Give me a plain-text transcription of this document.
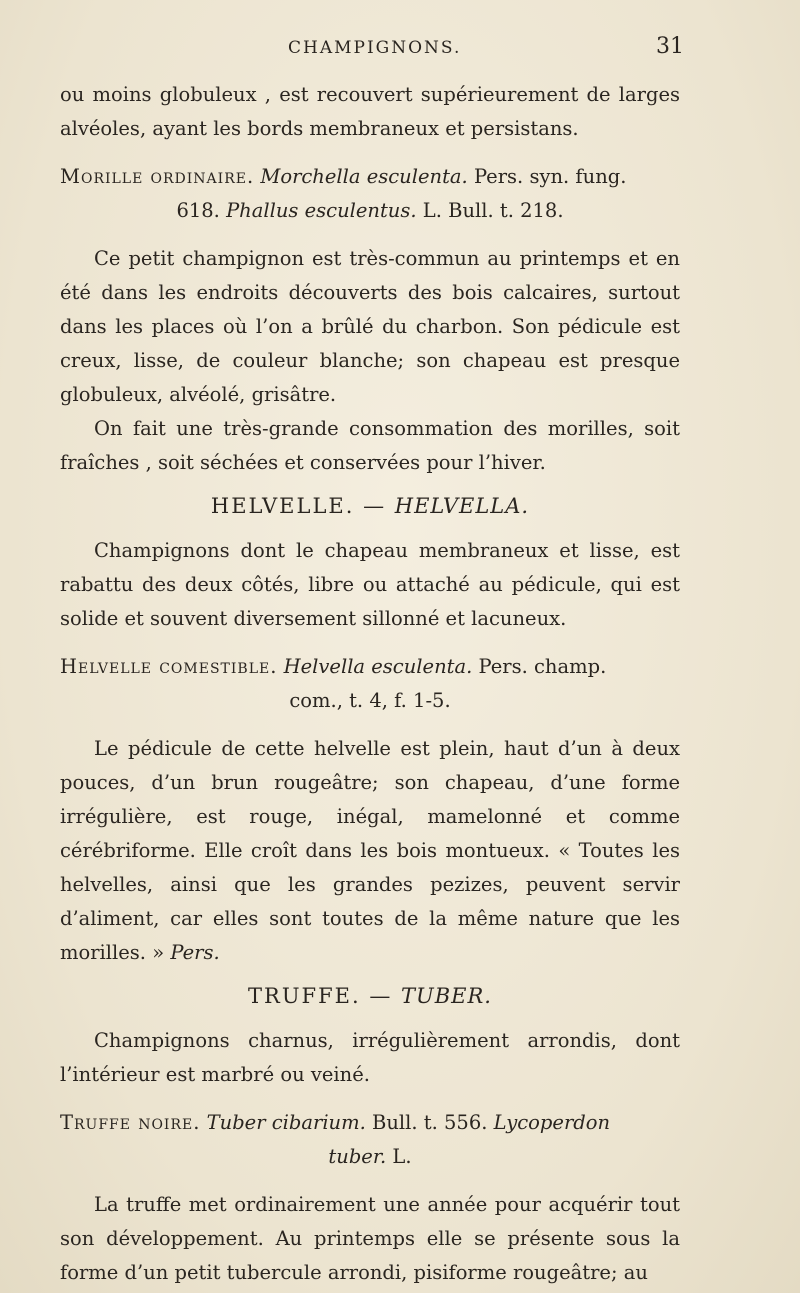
CHAMPIGNONS.	31

ou moins globuleux , est recouvert supérieurement de larges alvéoles, ayant les bords membraneux et persistans.

Morille ordinaire. Morchella esculenta. Pers. syn. fung.

618. Phallus esculentus. L. Bull. t. 218.

Ce petit champignon est très-commun au printemps et en été dans les endroits découverts des bois calcaires, surtout dans les places où l’on a brûlé du charbon. Son pédicule est creux, lisse, de couleur blanche; son chapeau est presque globuleux, alvéolé, grisâtre.

On fait une très-grande consommation des morilles, soit fraîches , soit séchées et conservées pour l’hiver.

HELVELLE. — HELVELLA.

Champignons dont le chapeau membraneux et lisse, est rabattu des deux côtés, libre ou attaché au pédicule, qui est solide et souvent diversement sillonné et lacuneux.

Helvelle comestible. Helvella esculenta. Pers. champ.

com., t. 4, f. 1-5.

Le pédicule de cette helvelle est plein, haut d’un à deux pouces, d’un brun rougeâtre; son chapeau, d’une forme irrégulière, est rouge, inégal, mamelonné et comme cérébriforme. Elle croît dans les bois montueux. « Toutes les helvelles, ainsi que les grandes pezizes, peuvent servir d’aliment, car elles sont toutes de la même nature que les morilles. » Pers.

TRUFFE. — TUBER.

Champignons charnus, irrégulièrement arrondis, dont l’intérieur est marbré ou veiné.

Truffe noire. Tuber cibarium. Bull. t. 556. Lycoperdon

tuber. L.

La truffe met ordinairement une année pour acquérir tout son développement. Au printemps elle se présente sous la forme d’un petit tubercule arrondi, pisiforme rougeâtre; au
